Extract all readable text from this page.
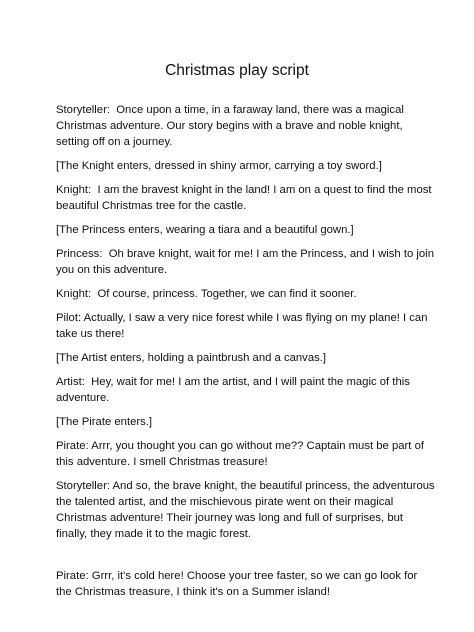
Christmas play script

Storyteller:  Once upon a time, in a faraway land, there was a magical Christmas adventure. Our story begins with a brave and noble knight, setting off on a journey.

[The Knight enters, dressed in shiny armor, carrying a toy sword.]

Knight:  I am the bravest knight in the land! I am on a quest to find the most beautiful Christmas tree for the castle.

[The Princess enters, wearing a tiara and a beautiful gown.]

Princess:  Oh brave knight, wait for me! I am the Princess, and I wish to join you on this adventure.

Knight:  Of course, princess. Together, we can find it sooner.

Pilot: Actually, I saw a very nice forest while I was flying on my plane! I can take us there!

[The Artist enters, holding a paintbrush and a canvas.]

Artist:  Hey, wait for me! I am the artist, and I will paint the magic of this adventure.

[The Pirate enters.]

Pirate: Arrr, you thought you can go without me?? Captain must be part of this adventure. I smell Christmas treasure!

Storyteller: And so, the brave knight, the beautiful princess, the adventurous the talented artist, and the mischievous pirate went on their magical Christmas adventure! Their journey was long and full of surprises, but finally, they made it to the magic forest.

Pirate: Grrr, it's cold here! Choose your tree faster, so we can go look for the Christmas treasure, I think it's on a Summer island!
